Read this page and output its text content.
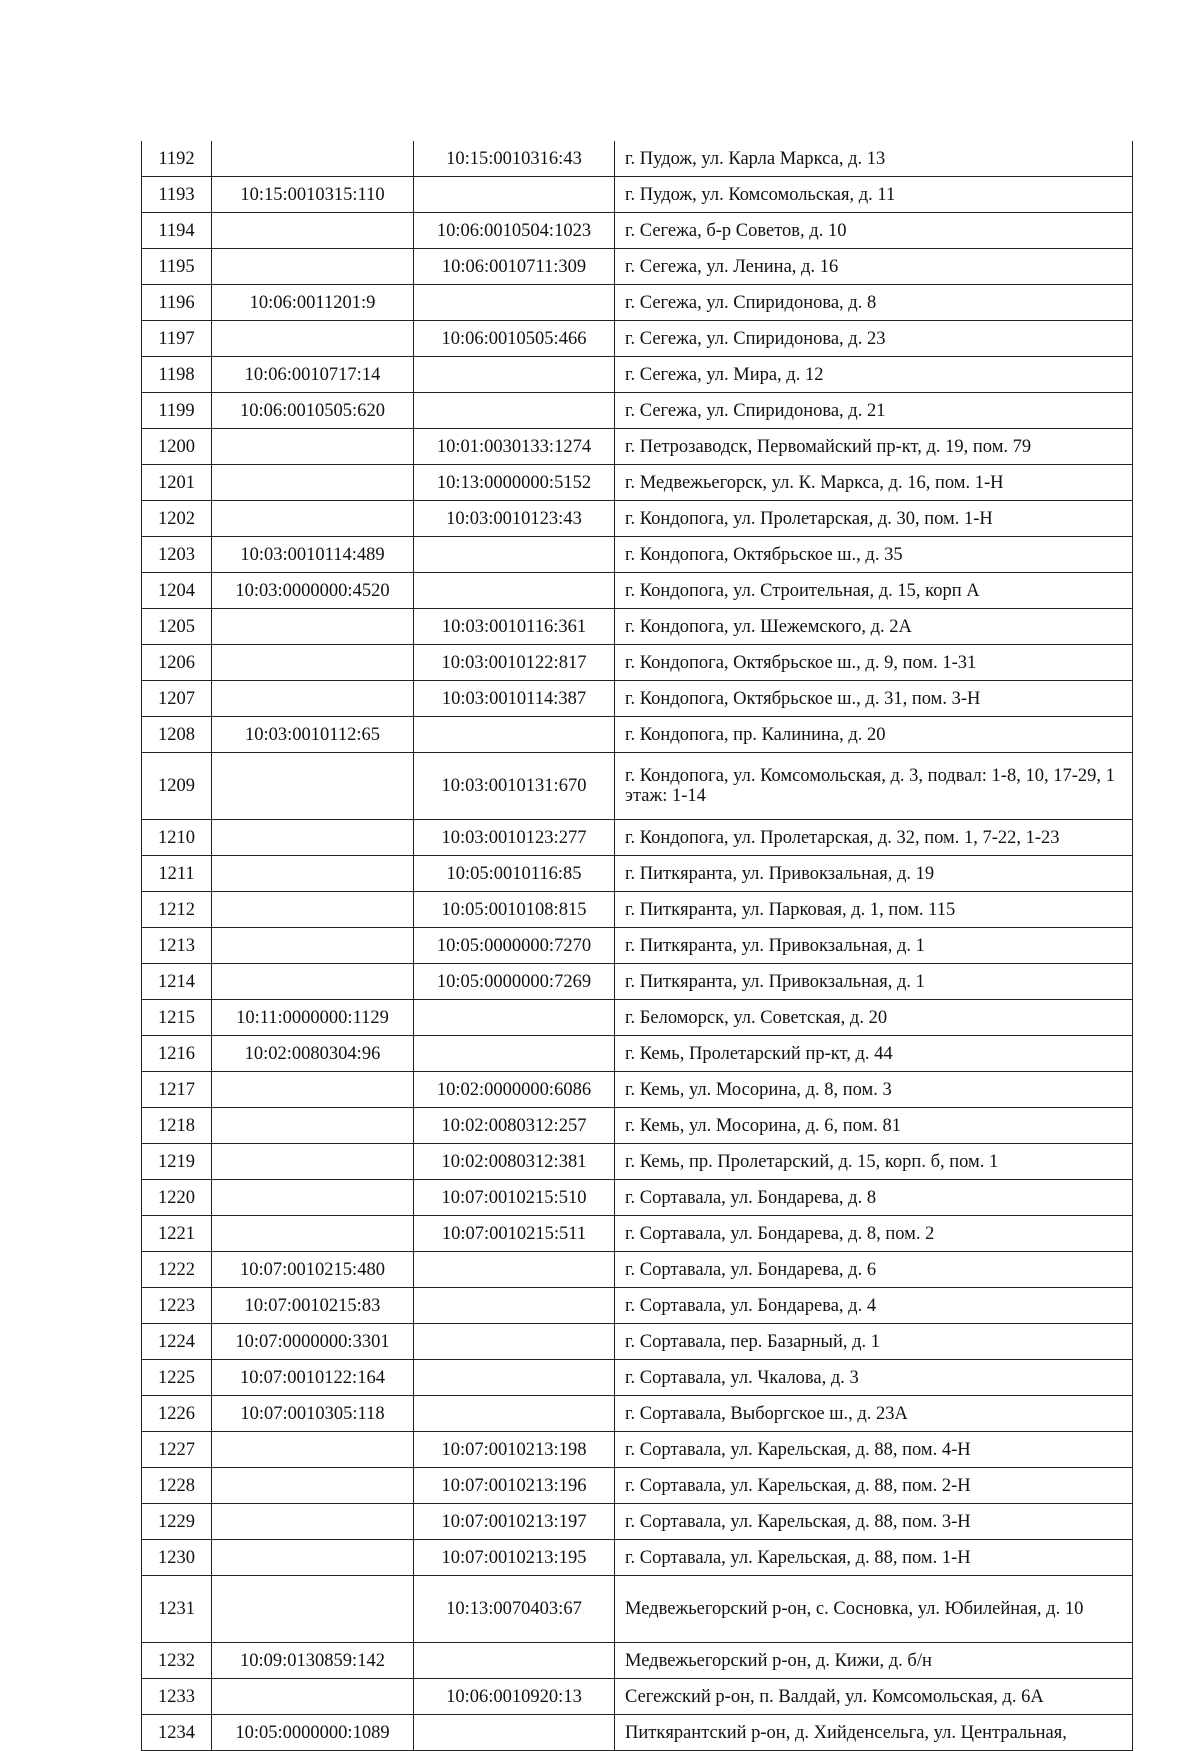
1192		10:15:0010316:43	г. Пудож, ул. Карла Маркса, д. 13
1193	10:15:0010315:110		г. Пудож, ул. Комсомольская, д. 11
1194		10:06:0010504:1023	г. Сегежа, б-р Советов, д. 10
1195		10:06:0010711:309	г. Сегежа, ул. Ленина, д. 16
1196	10:06:0011201:9		г. Сегежа, ул. Спиридонова, д. 8
1197		10:06:0010505:466	г. Сегежа, ул. Спиридонова, д. 23
1198	10:06:0010717:14		г. Сегежа, ул. Мира, д. 12
1199	10:06:0010505:620		г. Сегежа, ул. Спиридонова, д. 21
1200		10:01:0030133:1274	г. Петрозаводск, Первомайский пр-кт, д. 19, пом. 79
1201		10:13:0000000:5152	г. Медвежьегорск, ул. К. Маркса, д. 16, пом. 1-Н
1202		10:03:0010123:43	г. Кондопога, ул. Пролетарская, д. 30, пом. 1-Н
1203	10:03:0010114:489		г. Кондопога, Октябрьское ш., д. 35
1204	10:03:0000000:4520		г. Кондопога, ул. Строительная, д. 15, корп А
1205		10:03:0010116:361	г. Кондопога, ул. Шежемского, д. 2А
1206		10:03:0010122:817	г. Кондопога, Октябрьское ш., д. 9, пом. 1-31
1207		10:03:0010114:387	г. Кондопога, Октябрьское ш., д. 31, пом. 3-Н
1208	10:03:0010112:65		г. Кондопога, пр. Калинина, д. 20
1209		10:03:0010131:670	г. Кондопога, ул. Комсомольская, д. 3, подвал: 1-8, 10, 17-29, 1 этаж: 1-14
1210		10:03:0010123:277	г. Кондопога, ул. Пролетарская, д. 32, пом. 1, 7-22, 1-23
1211		10:05:0010116:85	г. Питкяранта, ул. Привокзальная, д. 19
1212		10:05:0010108:815	г. Питкяранта, ул. Парковая, д. 1, пом. 115
1213		10:05:0000000:7270	г. Питкяранта, ул. Привокзальная, д. 1
1214		10:05:0000000:7269	г. Питкяранта, ул. Привокзальная, д. 1
1215	10:11:0000000:1129		г. Беломорск, ул. Советская, д. 20
1216	10:02:0080304:96		г. Кемь, Пролетарский пр-кт, д. 44
1217		10:02:0000000:6086	г. Кемь, ул. Мосорина, д. 8, пом. 3
1218		10:02:0080312:257	г. Кемь, ул. Мосорина, д. 6, пом. 81
1219		10:02:0080312:381	г. Кемь, пр. Пролетарский, д. 15, корп. б, пом. 1
1220		10:07:0010215:510	г. Сортавала, ул. Бондарева, д. 8
1221		10:07:0010215:511	г. Сортавала, ул. Бондарева, д. 8, пом. 2
1222	10:07:0010215:480		г. Сортавала, ул. Бондарева, д. 6
1223	10:07:0010215:83		г. Сортавала, ул. Бондарева, д. 4
1224	10:07:0000000:3301		г. Сортавала, пер. Базарный, д. 1
1225	10:07:0010122:164		г. Сортавала, ул. Чкалова, д. 3
1226	10:07:0010305:118		г. Сортавала, Выборгское ш., д. 23А
1227		10:07:0010213:198	г. Сортавала, ул. Карельская, д. 88, пом. 4-Н
1228		10:07:0010213:196	г. Сортавала, ул. Карельская, д. 88, пом. 2-Н
1229		10:07:0010213:197	г. Сортавала, ул. Карельская, д. 88, пом. 3-Н
1230		10:07:0010213:195	г. Сортавала, ул. Карельская, д. 88, пом. 1-Н
1231		10:13:0070403:67	Медвежьегорский р-он, с. Сосновка, ул. Юбилейная, д. 10
1232	10:09:0130859:142		Медвежьегорский р-он, д. Кижи, д. б/н
1233		10:06:0010920:13	Сегежский р-он, п. Валдай, ул. Комсомольская, д. 6А
1234	10:05:0000000:1089		Питкярантский р-он, д. Хийденсельга, ул. Центральная,
